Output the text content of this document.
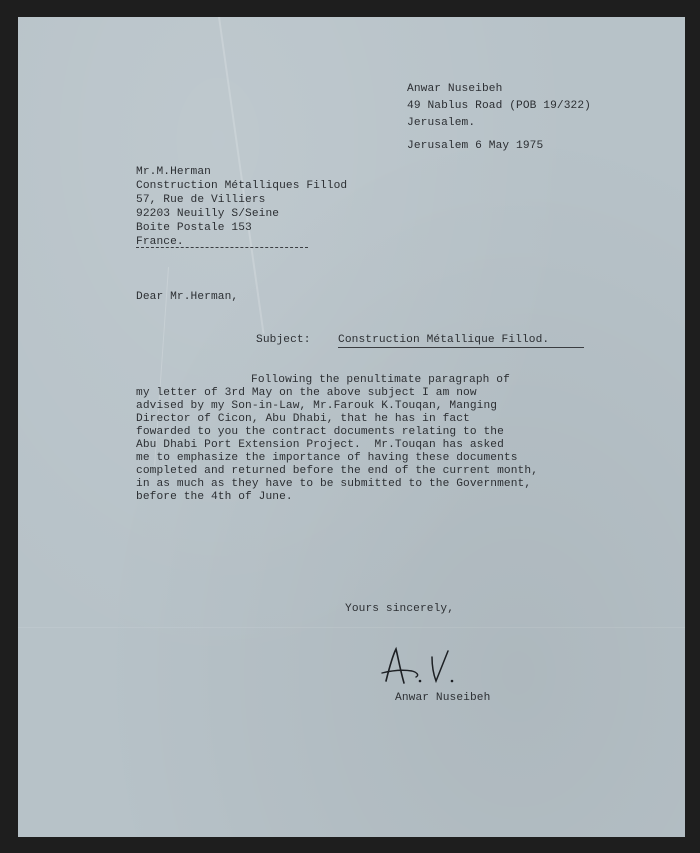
Anwar Nuseibeh
49 Nablus Road (POB 19/322)
Jerusalem.
Jerusalem 6 May 1975
Mr.M.Herman
Construction Métalliques Fillod
57, Rue de Villiers
92203 Neuilly S/Seine
Boite Postale 153
France.
Dear Mr.Herman,
Subject: Construction Métallique Fillod.
Following the penultimate paragraph of
my letter of 3rd May on the above subject I am now
advised by my Son-in-Law, Mr.Farouk K.Touqan, Manging
Director of Cicon, Abu Dhabi, that he has in fact
fowarded to you the contract documents relating to the
Abu Dhabi Port Extension Project.  Mr.Touqan has asked
me to emphasize the importance of having these documents
completed and returned before the end of the current month,
in as much as they have to be submitted to the Government,
before the 4th of June.
Yours sincerely,
Anwar Nuseibeh
